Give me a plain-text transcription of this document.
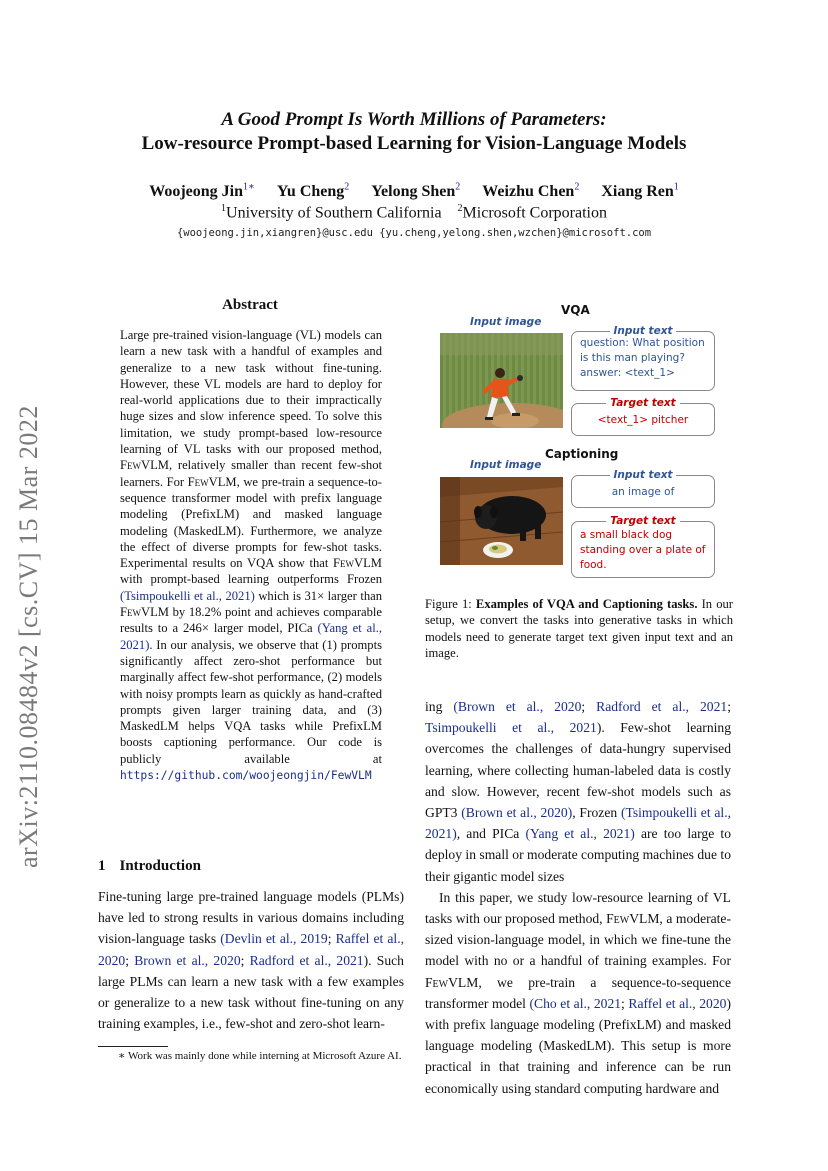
arXiv:2110.08484v2 [cs.CV] 15 Mar 2022
A Good Prompt Is Worth Millions of Parameters:
Low-resource Prompt-based Learning for Vision-Language Models
Woojeong Jin$^{1∗}$ Yu Cheng$^2$ Yelong Shen$^2$ Weizhu Chen$^2$ Xiang Ren$^1$
$^1$University of Southern California $^2$Microsoft Corporation
{woojeong.jin,xiangren}@usc.edu {yu.cheng,yelong.shen,wzchen}@microsoft.com
Abstract
Large pre-trained vision-language (VL) models can learn a new task with a handful of examples and generalize to a new task without fine-tuning. However, these VL models are hard to deploy for real-world applications due to their impractically huge sizes and slow inference speed. To solve this limitation, we study prompt-based low-resource learning of VL tasks with our proposed method, FewVLM, relatively smaller than recent few-shot learners. For FewVLM, we pre-train a sequence-to-sequence transformer model with prefix language modeling (PrefixLM) and masked language modeling (MaskedLM). Furthermore, we analyze the effect of diverse prompts for few-shot tasks. Experimental results on VQA show that FewVLM with prompt-based learning outperforms Frozen (Tsimpoukelli et al., 2021) which is 31× larger than FewVLM by 18.2% point and achieves comparable results to a 246× larger model, PICa (Yang et al., 2021). In our analysis, we observe that (1) prompts significantly affect zero-shot performance but marginally affect few-shot performance, (2) models with noisy prompts learn as quickly as hand-crafted prompts given larger training data, and (3) MaskedLM helps VQA tasks while PrefixLM boosts captioning performance. Our code is publicly available at https://github.com/woojeongjin/FewVLM
1 Introduction
Fine-tuning large pre-trained language models (PLMs) have led to strong results in various domains including vision-language tasks (Devlin et al., 2019; Raffel et al., 2020; Brown et al., 2020; Radford et al., 2021). Such large PLMs can learn a new task with a few examples or generalize to a new task without fine-tuning on any training examples, i.e., few-shot and zero-shot learn-
∗ Work was mainly done while interning at Microsoft Azure AI.
VQA
Input image
Input text
question: What position is this man playing? answer: <text_1>
Target text
<text_1> pitcher
Captioning
Input image
Input text
an image of
Target text
a small black dog standing over a plate of food.
Figure 1: Examples of VQA and Captioning tasks. In our setup, we convert the tasks into generative tasks in which models need to generate target text given input text and an image.

ing (Brown et al., 2020; Radford et al., 2021; Tsimpoukelli et al., 2021). Few-shot learning overcomes the challenges of data-hungry supervised learning, where collecting human-labeled data is costly and slow. However, recent few-shot models such as GPT3 (Brown et al., 2020), Frozen (Tsimpoukelli et al., 2021), and PICa (Yang et al., 2021) are too large to deploy in small or moderate computing machines due to their gigantic model sizes

In this paper, we study low-resource learning of VL tasks with our proposed method, FewVLM, a moderate-sized vision-language model, in which we fine-tune the model with no or a handful of training examples. For FewVLM, we pre-train a sequence-to-sequence transformer model (Cho et al., 2021; Raffel et al., 2020) with prefix language modeling (PrefixLM) and masked language modeling (MaskedLM). This setup is more practical in that training and inference can be run economically using standard computing hardware and
